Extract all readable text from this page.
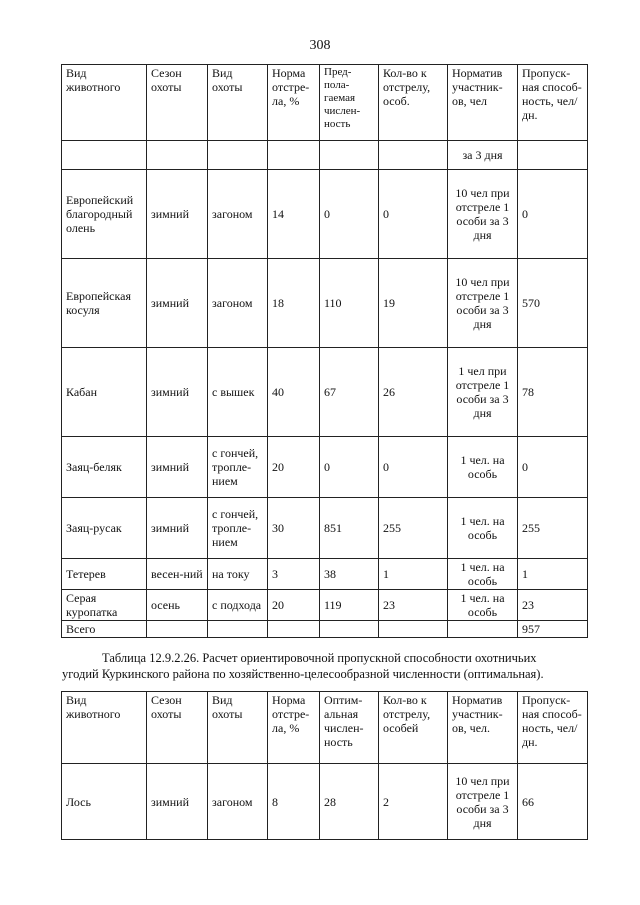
308
Вид животного	Сезон охоты	Вид охоты	Норма отстре-ла, %	Пред-пола-гаемая числен-ность	Кол-во к отстрелу, особ.	Норматив участник-ов, чел	Пропуск-ная способ-ность, чел/дн.
						за 3 дня	
Европейский благородный олень	зимний	загоном	14	0	0	10 чел при отстреле 1 особи за 3 дня	0
Европейская косуля	зимний	загоном	18	110	19	10 чел при отстреле 1 особи за 3 дня	570
Кабан	зимний	с вышек	40	67	26	1 чел при отстреле 1 особи за 3 дня	78
Заяц-беляк	зимний	с гончей, тропле-нием	20	0	0	1 чел. на особь	0
Заяц-русак	зимний	с гончей, тропле-нием	30	851	255	1 чел. на особь	255
Тетерев	весен-ний	на току	3	38	1	1 чел. на особь	1
Серая куропатка	осень	с подхода	20	119	23	1 чел. на особь	23
Всего							957
Таблица 12.9.2.26. Расчет ориентировочной пропускной способности охотничьих
угодий Куркинского района по хозяйственно-целесообразной численности (оптимальная).
Вид животного	Сезон охоты	Вид охоты	Норма отстре-ла, %	Оптим-альная числен-ность	Кол-во к отстрелу, особей	Норматив участник-ов, чел.	Пропуск-ная способ-ность, чел/дн.
Лось	зимний	загоном	8	28	2	10 чел при отстреле 1 особи за 3 дня	66
